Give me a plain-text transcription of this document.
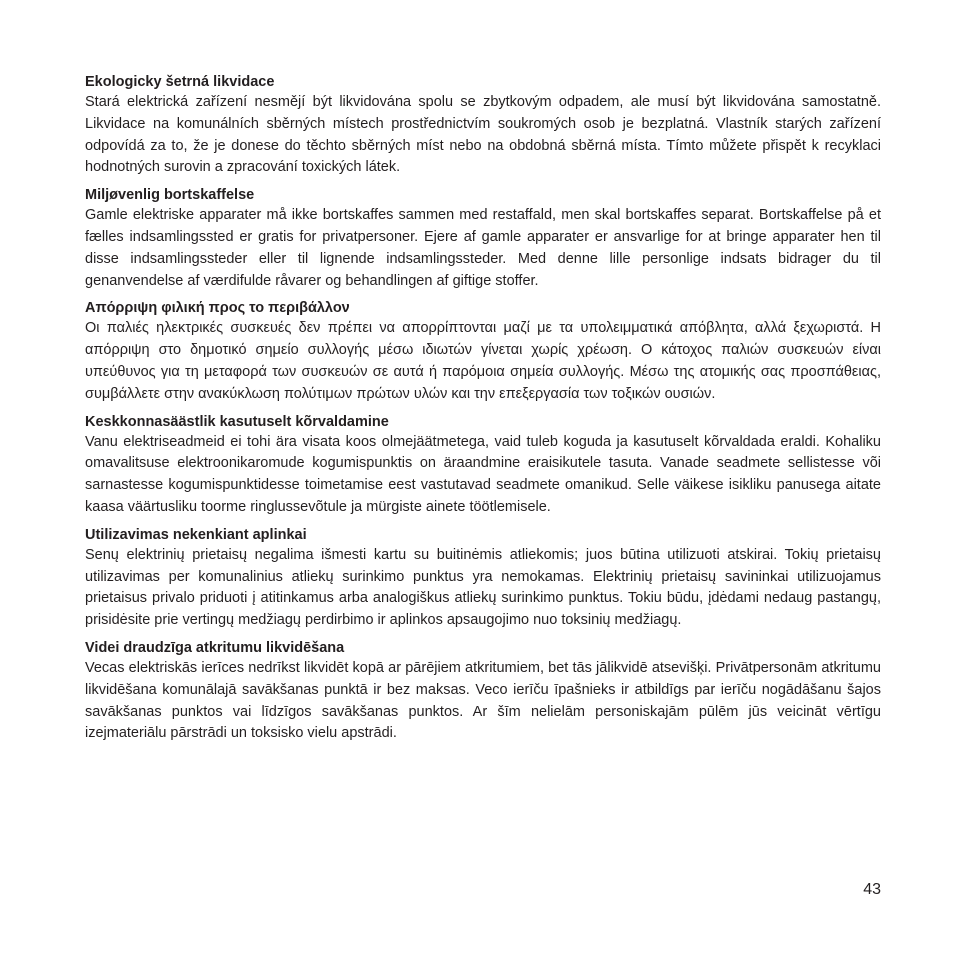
Ekologicky šetrná likvidace

Stará elektrická zařízení nesmějí být likvidována spolu se zbytkovým odpadem, ale musí být likvidována samostatně. Likvidace na komunálních sběrných místech prostřednictvím soukromých osob je bezplatná. Vlastník starých zařízení odpovídá za to, že je donese do těchto sběrných míst nebo na obdobná sběrná místa. Tímto můžete přispět k recyklaci hodnotných surovin a zpracování toxických látek.

Miljøvenlig bortskaffelse

Gamle elektriske apparater må ikke bortskaffes sammen med restaffald, men skal bortskaffes separat. Bortskaffelse på et fælles indsamlingssted er gratis for privatpersoner. Ejere af gamle apparater er ansvarlige for at bringe apparater hen til disse indsamlingssteder eller til lignende indsamlingssteder. Med denne lille personlige indsats bidrager du til genanvendelse af værdifulde råvarer og behandlingen af giftige stoffer.

Απόρριψη φιλική προς το περιβάλλον

Οι παλιές ηλεκτρικές συσκευές δεν πρέπει να απορρίπτονται μαζί με τα υπολειμματικά απόβλητα, αλλά ξεχωριστά. Η απόρριψη στο δημοτικό σημείο συλλογής μέσω ιδιωτών γίνεται χωρίς χρέωση. Ο κάτοχος παλιών συσκευών είναι υπεύθυνος για τη μεταφορά των συσκευών σε αυτά ή παρόμοια σημεία συλλογής. Μέσω της ατομικής σας προσπάθειας, συμβάλλετε στην ανακύκλωση πολύτιμων πρώτων υλών και την επεξεργασία των τοξικών ουσιών.

Keskkonnasäästlik kasutuselt kõrvaldamine

Vanu elektriseadmeid ei tohi ära visata koos olmejäätmetega, vaid tuleb koguda ja kasutuselt kõrvaldada eraldi. Kohaliku omavalitsuse elektroonikaromude kogumispunktis on äraandmine eraisikutele tasuta. Vanade seadmete sellistesse või sarnastesse kogumispunktidesse toimetamise eest vastutavad seadmete omanikud. Selle väikese isikliku panusega aitate kaasa väärtusliku toorme ringlussevõtule ja mürgiste ainete töötlemisele.

Utilizavimas nekenkiant aplinkai

Senų elektrinių prietaisų negalima išmesti kartu su buitinėmis atliekomis; juos būtina utilizuoti atskirai. Tokių prietaisų utilizavimas per komunalinius atliekų surinkimo punktus yra nemokamas. Elektrinių prietaisų savininkai utilizuojamus prietaisus privalo priduoti į atitinkamus arba analogiškus atliekų surinkimo punktus. Tokiu būdu, įdėdami nedaug pastangų, prisidėsite prie vertingų medžiagų perdirbimo ir aplinkos apsaugojimo nuo toksinių medžiagų.

Videi draudzīga atkritumu likvidēšana

Vecas elektriskās ierīces nedrīkst likvidēt kopā ar pārējiem atkritumiem, bet tās jālikvidē atsevišķi. Privātpersonām atkritumu likvidēšana komunālajā savākšanas punktā ir bez maksas. Veco ierīču īpašnieks ir atbildīgs par ierīču nogādāšanu šajos savākšanas punktos vai līdzīgos savākšanas punktos. Ar šīm nelielām personiskajām pūlēm jūs veicināt vērtīgu izejmateriālu pārstrādi un toksisko vielu apstrādi.

43
